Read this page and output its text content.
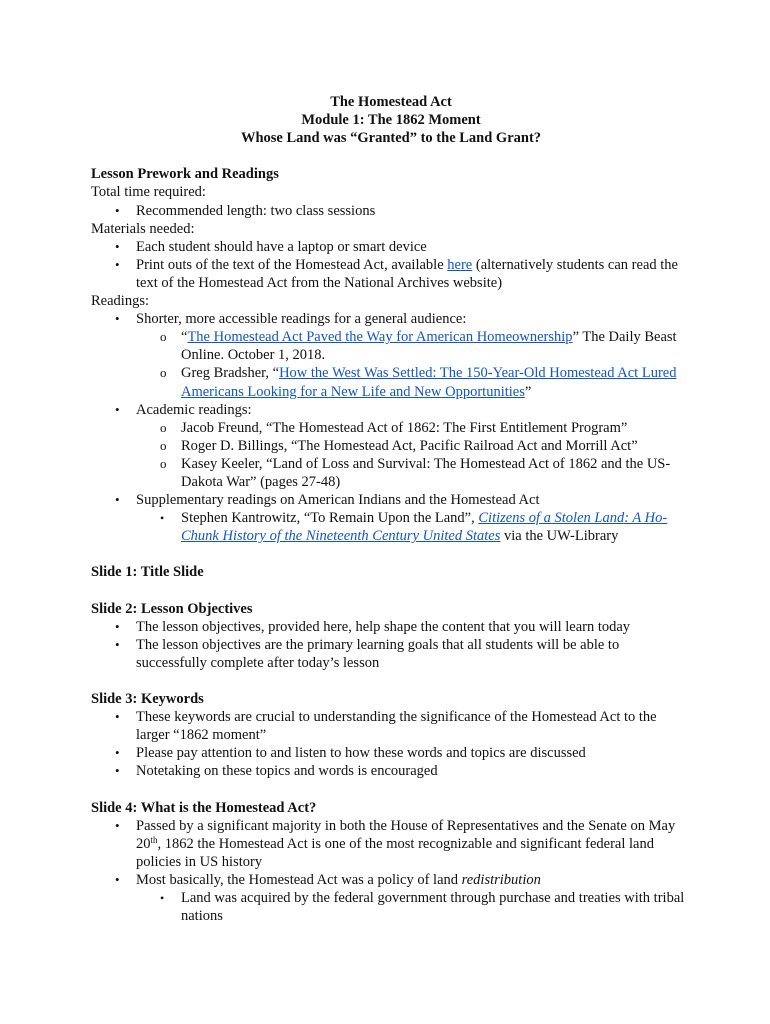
The Homestead Act
Module 1: The 1862 Moment
Whose Land was “Granted” to the Land Grant?
Lesson Prework and Readings
Total time required:
• Recommended length: two class sessions
Materials needed:
• Each student should have a laptop or smart device
• Print outs of the text of the Homestead Act, available here (alternatively students can read the text of the Homestead Act from the National Archives website)
Readings:
• Shorter, more accessible readings for a general audience:
o “The Homestead Act Paved the Way for American Homeownership” The Daily Beast Online. October 1, 2018.
o Greg Bradsher, “How the West Was Settled: The 150-Year-Old Homestead Act Lured Americans Looking for a New Life and New Opportunities”
• Academic readings:
o Jacob Freund, “The Homestead Act of 1862: The First Entitlement Program”
o Roger D. Billings, “The Homestead Act, Pacific Railroad Act and Morrill Act”
o Kasey Keeler, “Land of Loss and Survival: The Homestead Act of 1862 and the US-Dakota War” (pages 27-48)
• Supplementary readings on American Indians and the Homestead Act
• Stephen Kantrowitz, “To Remain Upon the Land”, Citizens of a Stolen Land: A Ho-Chunk History of the Nineteenth Century United States via the UW-Library
Slide 1: Title Slide
Slide 2: Lesson Objectives
• The lesson objectives, provided here, help shape the content that you will learn today
• The lesson objectives are the primary learning goals that all students will be able to successfully complete after today’s lesson
Slide 3: Keywords
• These keywords are crucial to understanding the significance of the Homestead Act to the larger “1862 moment”
• Please pay attention to and listen to how these words and topics are discussed
• Notetaking on these topics and words is encouraged
Slide 4: What is the Homestead Act?
• Passed by a significant majority in both the House of Representatives and the Senate on May 20th, 1862 the Homestead Act is one of the most recognizable and significant federal land policies in US history
• Most basically, the Homestead Act was a policy of land redistribution
• Land was acquired by the federal government through purchase and treaties with tribal nations
